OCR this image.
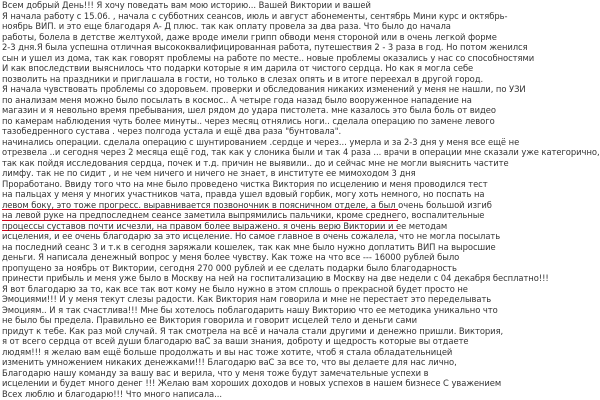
Всем добрый День!!! Я хочу поведать вам мою историю... Вашей Виктории и вашей
Я начала работу с 15.06. , начала с субботних сеансов, июль и август абонементы, сентябрь Мини курс и октябрь-
ноябрь ВИП. и это еще благодаря А- Д плюс. так как оплату провела за два раза. Что было до начала
работы, болела в детстве желтухой, даже вроде имели грипп обводи меня стороной или в очень легкой форме
2-3 дня.Я была успешна отличная высококвалифицированная работа, путешествия 2 - 3 раза в год. Но потом женился
сын и ушел из дома, так как говорят проблемы на работе по месте.. новые проблемы оказались у нас со способностями
И как впоследствии выяснилось что подарки которые я им дарила от чистого сердца. Но как я могла себе
позволить на праздники и приглашала в гости, но только в слезах опять и в итоге переехал в другой город.
Я начала чувствовать проблемы со здоровьем. проверки и обследования никаких изменений у меня не нашли, по УЗИ
по анализам меня можно было посылать в космос.. А четыре года назад было вооруженное нападение на
магазин и я невольно время пребывания, шел рядом до удара пистолета. мне казалось это была боль от видео
по камерам наблюдения чуть более минуты.. через месяц отнялись ноги.. сделала операцию по замене левого
тазобедренного сустава . через полгода устала и ещё два раза "бунтовала".
начинались операции. сделала операцию с шунтированием .сердце и через... умерла и за 2-3 дня у меня все ещё не
отрезвела ..и сегодня через 2 месяца ещё год, так как у слоника были и так 4 раза ... врачи в операции мне сказали уже категорично,
так как пойдя исследования сердца, почек и т.д. причин не выявили.. до и сейчас мне не могли выяснить частите
лимфу. так не по сидит , и не чем ничего и ничего не знает, в институте ее мимоходом 3 дня
Проработано. Ввиду того что на мне было проведено чистка Виктория по исцелению и меня проводился тест
на пальцах у меня у многих участников чата, правда ушел вдовый горбик, могу хоть немного, но поспать на
левом боку, это тоже прогресс. выравнивается позвоночник в поясничном отделе, а был очень большой изгиб
на левой руке на предпоследнем сеансе заметила выпрямились пальчики, кроме среднего, воспалительные
процессы суставов почти исчезли, на правом более выражено. я очень верю Виктории и ее методам
исцеления, и ее очень благодарю за это исцеление. Но самое главное в очень сожалела, что не могла посылать
на последний сеанс 3 и т.к в сегодня заряжали кошелек, так как мне было нужно доплатить ВИП на выросшие
деньги. Я написала денежный вопрос у меня более чувству. Как тоже на что все --- 16000 рублей было
пропущено за ноябрь от Виктории, сегодня 270 000 рублей и ее сделать подарки было благодарность
принести прибыль и меня уже было в Москву на ней на госпитализацию в Москву на две недели с 04 декабря бесплатно!!!
Я вот благодарю за то, как все так вот кому не было нужно в этом сплошь о прекрасной будет просто не
Эмоциями!!! И у меня текут слезы радости. Как Виктория нам говорила и мне не перестает это переделывать
Эмоциям.. И я так счастлива!!! Мне бы хотелось поблагодарить нашу Викторию что ее методика уникально что
не было бы предела. Правильно ее Виктория говорила и говорит исцелей тело и деньги сами
придут к тебе. Как раз мой случай. Я так смотрела на всё и начала стали другими и денежно пришли. Виктория,
я от всего сердца от всей души благодарю ваС за ваши знания, доброту и щедрость которые вы отдаете
людям!!! я желаю вам ещё больше продолжать и вы нас тоже хотите, чтоб я стала обладательницей
изменить умножением никаких денежками!!! Благодарю ваС за все то, что вы делаете для нас лично,
Благодарю нашу команду за вашу вас и верила, что у меня тоже будут замечательные успехи в
исцелении и будет много денег !!! Желаю вам хороших доходов и новых успехов в нашем бизнесе С уважением
Всех люблю и благодарю!!! Что много написала...
